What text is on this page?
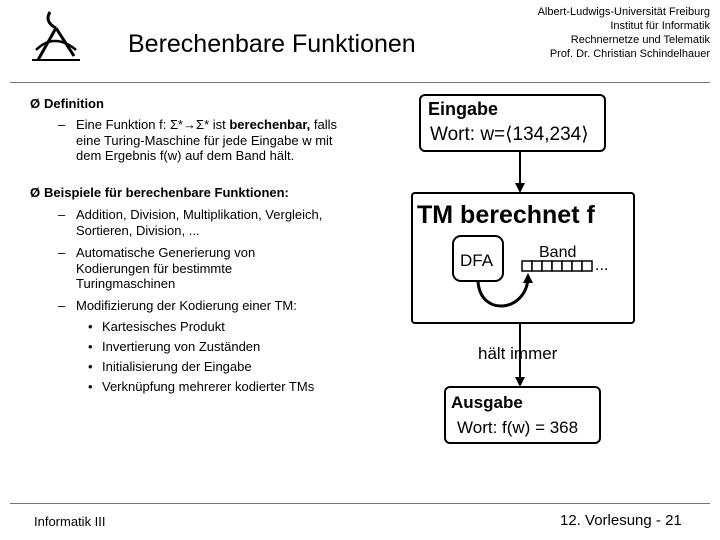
Berechenbare Funktionen
Albert-Ludwigs-Universität Freiburg
Institut für Informatik
Rechnernetze und Telematik
Prof. Dr. Christian Schindelhauer
Ø Definition
– Eine Funktion f: Σ*→Σ* ist berechenbar, falls eine Turing-Maschine für jede Eingabe w mit dem Ergebnis f(w) auf dem Band hält.
Ø Beispiele für berechenbare Funktionen:
– Addition, Division, Multiplikation, Vergleich, Sortieren, Division, ...
– Automatische Generierung von Kodierungen für bestimmte Turingmaschinen
– Modifizierung der Kodierung einer TM:
• Kartesisches Produkt
• Invertierung von Zuständen
• Initialisierung der Eingabe
• Verknüpfung mehrerer kodierter TMs
Eingabe
Wort: w=⟨134,234⟩
TM berechnet f
DFA	Band
...
hält immer
Ausgabe
Wort: f(w) = 368
Informatik III	12. Vorlesung - 21
